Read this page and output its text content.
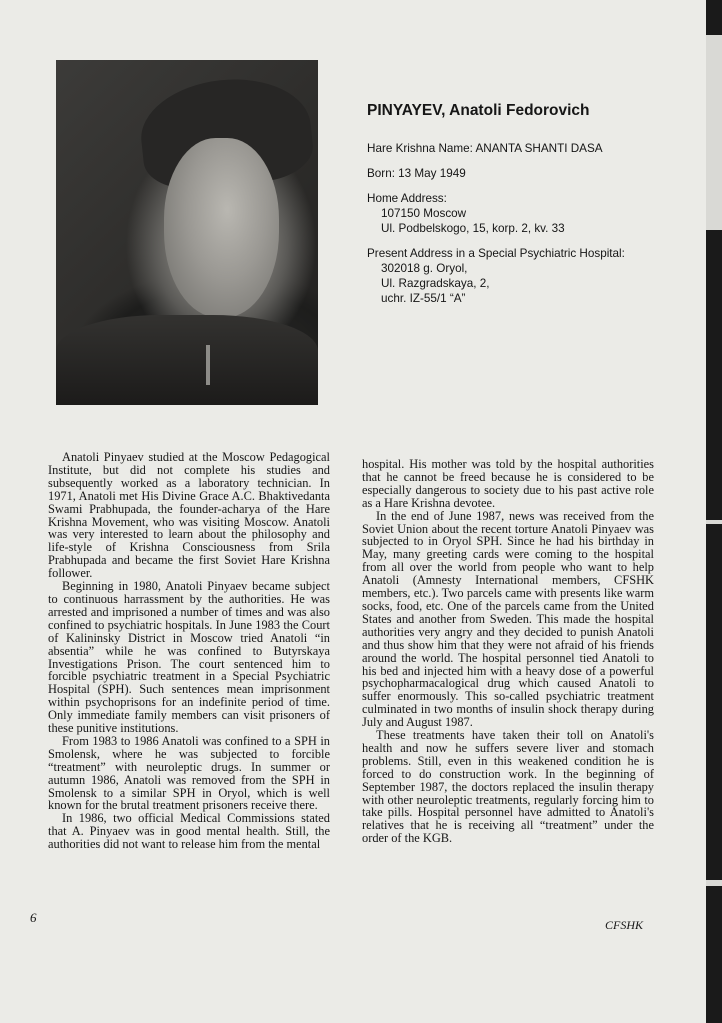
PINYAYEV, Anatoli Fedorovich
Hare Krishna Name: ANANTA SHANTI DASA
Born: 13 May 1949
Home Address:
107150 Moscow
Ul. Podbelskogo, 15, korp. 2, kv. 33
Present Address in a Special Psychiatric Hospital:
302018 g. Oryol,
Ul. Razgradskaya, 2,
uchr. IZ-55/1 “A”

Anatoli Pinyaev studied at the Moscow Pedagogical Institute, but did not complete his studies and subsequently worked as a laboratory technician. In 1971, Anatoli met His Divine Grace A.C. Bhaktivedanta Swami Prabhupada, the founder-acharya of the Hare Krishna Movement, who was visiting Moscow. Anatoli was very interested to learn about the philosophy and life-style of Krishna Consciousness from Srila Prabhupada and became the first Soviet Hare Krishna follower.

Beginning in 1980, Anatoli Pinyaev became subject to continuous harrassment by the authorities. He was arrested and imprisoned a number of times and was also confined to psychiatric hospitals. In June 1983 the Court of Kalininsky District in Moscow tried Anatoli “in absentia” while he was confined to Butyrskaya Investigations Prison. The court sentenced him to forcible psychiatric treatment in a Special Psychiatric Hospital (SPH). Such sentences mean imprisonment within psychoprisons for an indefinite period of time. Only immediate family members can visit prisoners of these punitive institutions.

From 1983 to 1986 Anatoli was confined to a SPH in Smolensk, where he was subjected to forcible “treatment” with neuroleptic drugs. In summer or autumn 1986, Anatoli was removed from the SPH in Smolensk to a similar SPH in Oryol, which is well known for the brutal treatment prisoners receive there.

In 1986, two official Medical Commissions stated that A. Pinyaev was in good mental health. Still, the authorities did not want to release him from the mental

hospital. His mother was told by the hospital authorities that he cannot be freed because he is considered to be especially dangerous to society due to his past active role as a Hare Krishna devotee.

In the end of June 1987, news was received from the Soviet Union about the recent torture Anatoli Pinyaev was subjected to in Oryol SPH. Since he had his birthday in May, many greeting cards were coming to the hospital from all over the world from people who want to help Anatoli (Amnesty International members, CFSHK members, etc.). Two parcels came with presents like warm socks, food, etc. One of the parcels came from the United States and another from Sweden. This made the hospital authorities very angry and they decided to punish Anatoli and thus show him that they were not afraid of his friends around the world. The hospital personnel tied Anatoli to his bed and injected him with a heavy dose of a powerful psychopharmacalogical drug which caused Anatoli to suffer enormously. This so-called psychiatric treatment culminated in two months of insulin shock therapy during July and August 1987.

These treatments have taken their toll on Anatoli's health and now he suffers severe liver and stomach problems. Still, even in this weakened condition he is forced to do construction work. In the beginning of September 1987, the doctors replaced the insulin therapy with other neuroleptic treatments, regularly forcing him to take pills. Hospital personnel have admitted to Anatoli's relatives that he is receiving all “treatment” under the order of the KGB.

6	CFSHK
